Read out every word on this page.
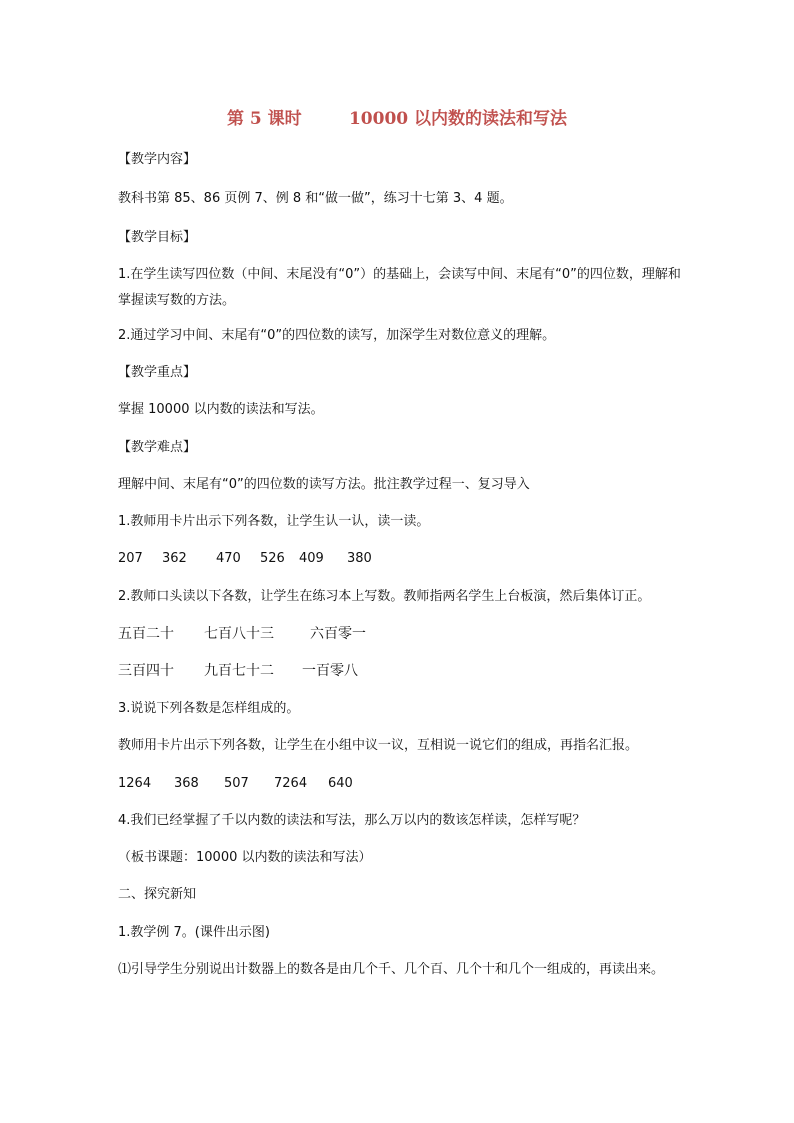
第 5 课时        10000 以内数的读法和写法
【教学内容】
教科书第 85、86 页例 7、例 8 和“做一做”，练习十七第 3、4 题。
【教学目标】
1.在学生读写四位数（中间、末尾没有“0”）的基础上，会读写中间、末尾有“0”的四位数，理解和掌握读写数的方法。
2.通过学习中间、末尾有“0”的四位数的读写，加深学生对数位意义的理解。
【教学重点】
掌握 10000 以内数的读法和写法。
【教学难点】
理解中间、末尾有“0”的四位数的读写方法。批注教学过程一、复习导入
1.教师用卡片出示下列各数，让学生认一认，读一读。
207	362	470	526	409	380
2.教师口头读以下各数，让学生在练习本上写数。教师指两名学生上台板演，然后集体订正。
五百二十	七百八十三	六百零一
三百四十	九百七十二	一百零八
3.说说下列各数是怎样组成的。
教师用卡片出示下列各数，让学生在小组中议一议，互相说一说它们的组成，再指名汇报。
1264	368	507	7264	640
4.我们已经掌握了千以内数的读法和写法，那么万以内的数该怎样读，怎样写呢？
（板书课题：10000 以内数的读法和写法）
二、探究新知
1.教学例 7。(课件出示图)
⑴引导学生分别说出计数器上的数各是由几个千、几个百、几个十和几个一组成的，再读出来。
